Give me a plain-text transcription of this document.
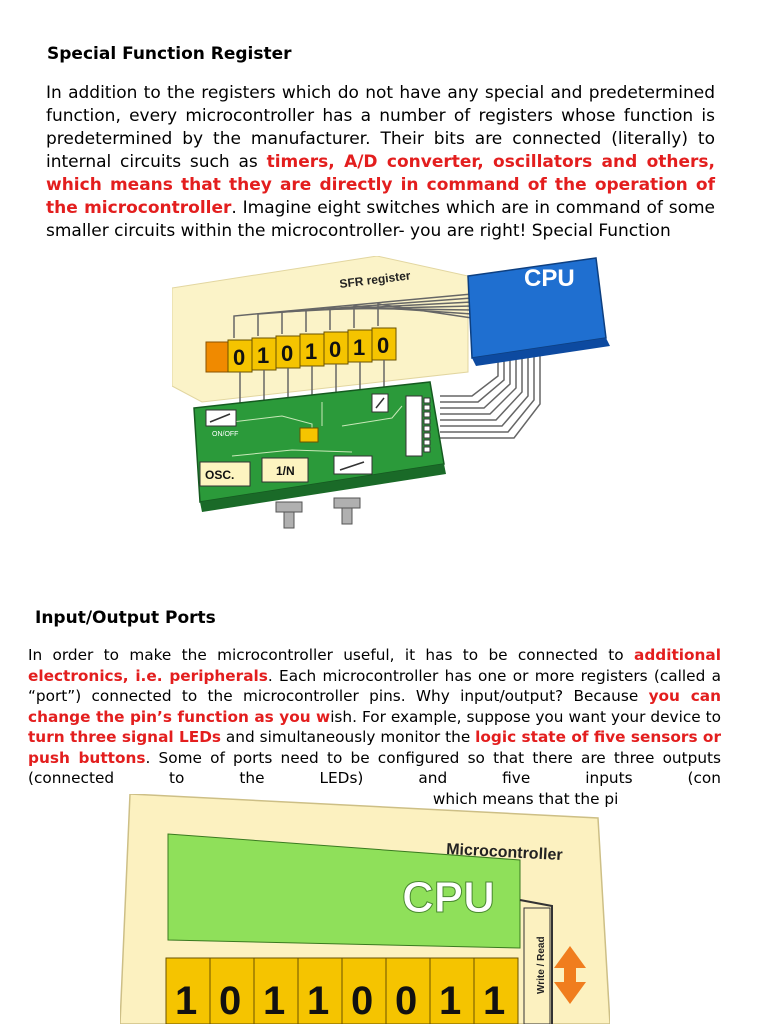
Special Function Register

In addition to the registers which do not have any special and predetermined function, every microcontroller has a number of registers whose function is predetermined by the manufacturer. Their bits are connected (literally) to internal circuits such as timers, A/D converter, oscillators and others, which means that they are directly in command of the operation of the microcontroller. Imagine eight switches which are in command of some smaller circuits within the microcontroller- you are right! Special Function

SFR register	CPU
0 1 0 1 0 1 0
ON/OFF
OSC.	1/N
Input/Output Ports

In order to make the microcontroller useful, it has to be connected to additional electronics, i.e. peripherals. Each microcontroller has one or more registers (called a “port”) connected to the microcontroller pins. Why input/output? Because you can change the pin’s function as you wish. For example, suppose you want your device to turn three signal LEDs and simultaneously monitor the logic state of five sensors or push buttons. Some of ports need to be configured so that there are three outputs (connected to the LEDs) and five inputs (con which means that the pi

Microcontroller
CPU
Write / Read
1 0 1 1 0 0 1 1
